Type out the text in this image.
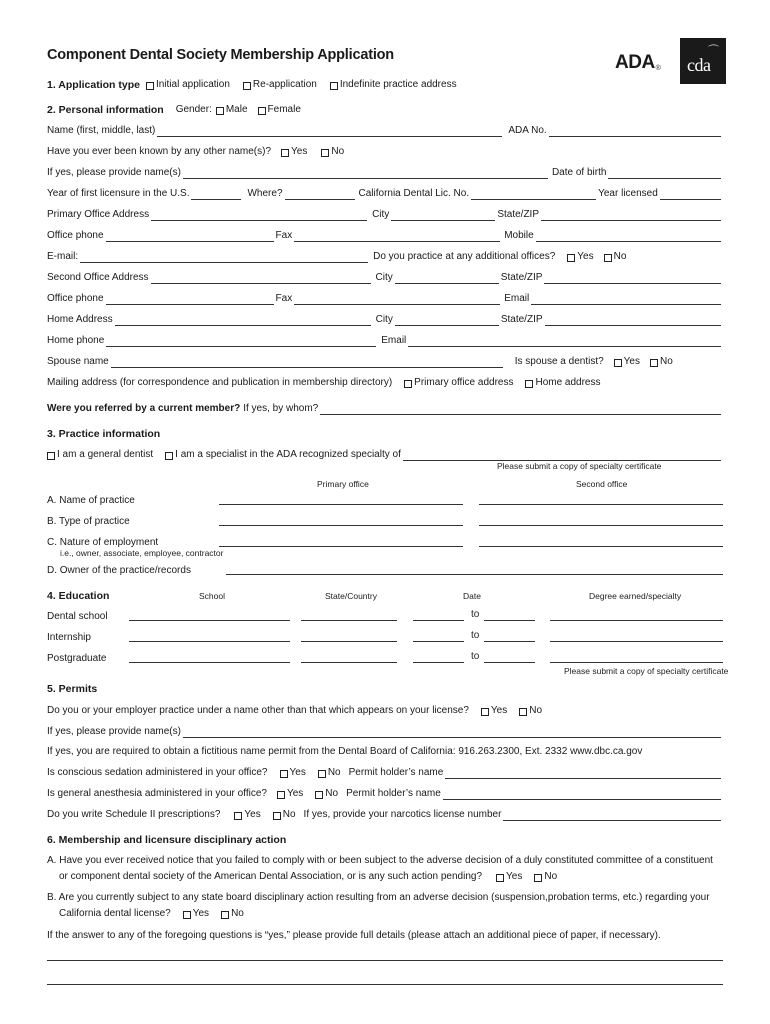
Component Dental Society Membership Application	ADA®
⌒
cda
1. Application type Initial application Re-application Indefinite practice address
2. Personal information Gender: Male Female
Name (first, middle, last)	ADA No.
Have you ever been known by any other name(s)? Yes No
If yes, please provide name(s)	Date of birth
Year of first licensure in the U.S.	Where?	California Dental Lic. No.	Year licensed
Primary Office Address	City	State/ZIP
Office phone	Fax	Mobile
E-mail:	Do you practice at any additional offices? Yes No
Second Office Address	City	State/ZIP
Office phone	Fax	Email
Home Address	City	State/ZIP
Home phone	Email
Spouse name	Is spouse a dentist? Yes No
Mailing address (for correspondence and publication in membership directory) Primary office address Home address
Were you referred by a current member? If yes, by whom?
3. Practice information
I am a general dentist I am a specialist in the ADA recognized specialty of
Please submit a copy of specialty certificate
Primary office	Second office
A. Name of practice
B. Type of practice
C. Nature of employment
i.e., owner, associate, employee, contractor
D. Owner of the practice/records
4. Education	School	State/Country	Date	Degree earned/specialty
Dental school	to
Internship	to
Postgraduate	to
Please submit a copy of specialty certificate
5. Permits
Do you or your employer practice under a name other than that which appears on your license? Yes No
If yes, please provide name(s)
If yes, you are required to obtain a fictitious name permit from the Dental Board of California: 916.263.2300, Ext. 2332 www.dbc.ca.gov
Is conscious sedation administered in your office? Yes No Permit holder’s name
Is general anesthesia administered in your office? Yes No Permit holder’s name
Do you write Schedule II prescriptions? Yes No If yes, provide your narcotics license number
6. Membership and licensure disciplinary action
A. Have you ever received notice that you failed to comply with or been subject to the adverse decision of a duly constituted committee of a constituent
or component dental society of the American Dental Association, or is any such action pending? Yes No
B. Are you currently subject to any state board disciplinary action resulting from an adverse decision (suspension,probation terms, etc.) regarding your
California dental license? Yes No
If the answer to any of the foregoing questions is “yes,” please provide full details (please attach an additional piece of paper, if necessary).
